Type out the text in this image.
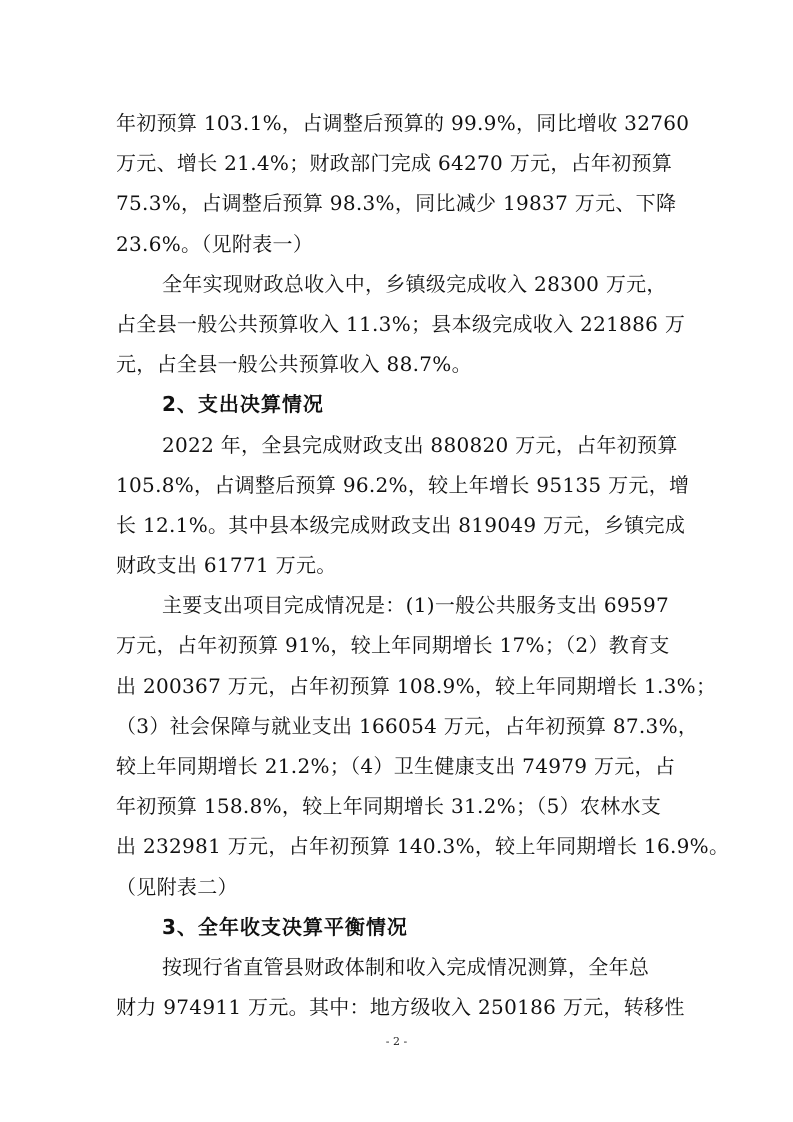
年初预算 103.1%，占调整后预算的 99.9%，同比增收 32760
万元、增长 21.4%；财政部门完成 64270 万元，占年初预算
75.3%，占调整后预算 98.3%，同比减少 19837 万元、下降
23.6%。（见附表一）
全年实现财政总收入中，乡镇级完成收入 28300 万元，
占全县一般公共预算收入 11.3%；县本级完成收入 221886 万
元，占全县一般公共预算收入 88.7%。
2、支出决算情况
2022 年，全县完成财政支出 880820 万元，占年初预算
105.8%，占调整后预算 96.2%，较上年增长 95135 万元，增
长 12.1%。其中县本级完成财政支出 819049 万元，乡镇完成
财政支出 61771 万元。
主要支出项目完成情况是：(1)一般公共服务支出 69597
万元，占年初预算 91%，较上年同期增长 17%；（2）教育支
出 200367 万元，占年初预算 108.9%，较上年同期增长 1.3%；
（3）社会保障与就业支出 166054 万元，占年初预算 87.3%，
较上年同期增长 21.2%；（4）卫生健康支出 74979 万元，占
年初预算 158.8%，较上年同期增长 31.2%；（5）农林水支
出 232981 万元，占年初预算 140.3%，较上年同期增长 16.9%。
（见附表二）
3、全年收支决算平衡情况
按现行省直管县财政体制和收入完成情况测算，全年总
财力 974911 万元。其中：地方级收入 250186 万元，转移性
- 2 -
